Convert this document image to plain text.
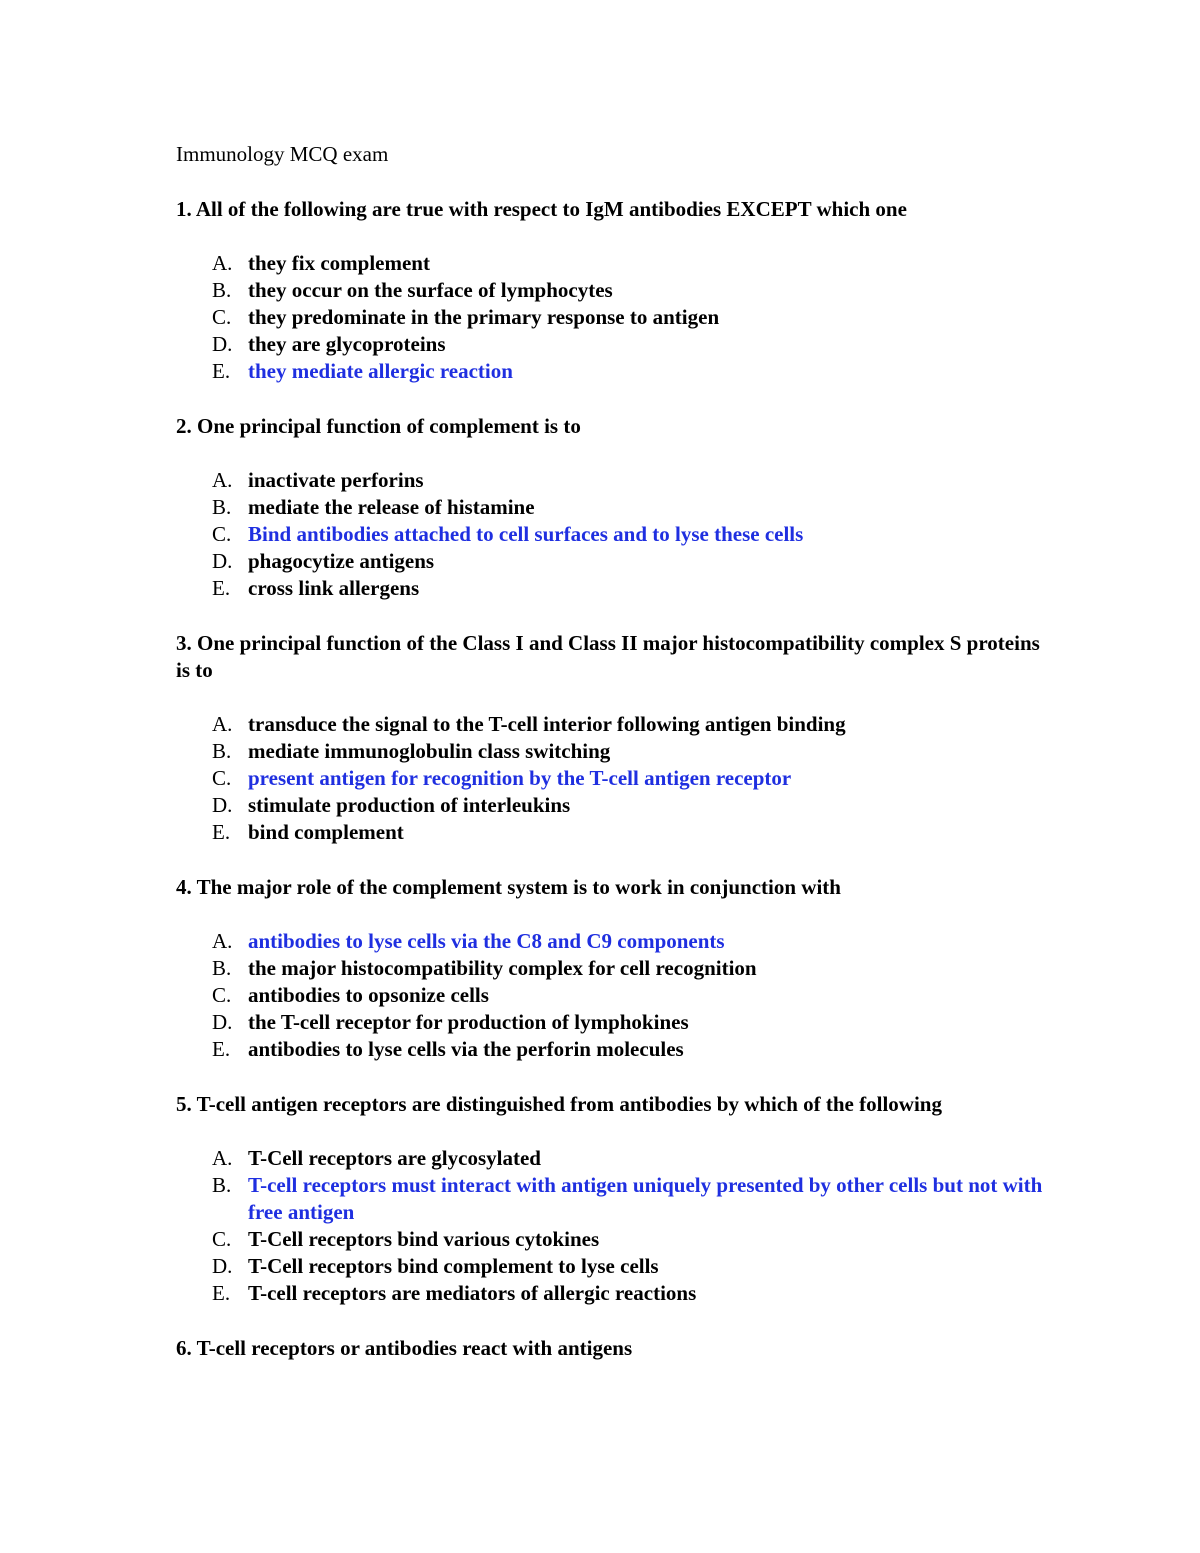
Immunology MCQ exam
1. All of the following are true with respect to IgM antibodies EXCEPT which one
A. they fix complement
B. they occur on the surface of lymphocytes
C. they predominate in the primary response to antigen
D. they are glycoproteins
E. they mediate allergic reaction
2. One principal function of complement is to
A. inactivate perforins
B. mediate the release of histamine
C. Bind antibodies attached to cell surfaces and to lyse these cells
D. phagocytize antigens
E. cross link allergens
3. One principal function of the Class I and Class II major histocompatibility complex S proteins is to
A. transduce the signal to the T-cell interior following antigen binding
B. mediate immunoglobulin class switching
C. present antigen for recognition by the T-cell antigen receptor
D. stimulate production of interleukins
E. bind complement
4. The major role of the complement system is to work in conjunction with
A. antibodies to lyse cells via the C8 and C9 components
B. the major histocompatibility complex for cell recognition
C. antibodies to opsonize cells
D. the T-cell receptor for production of lymphokines
E. antibodies to lyse cells via the perforin molecules
5. T-cell antigen receptors are distinguished from antibodies by which of the following
A. T-Cell receptors are glycosylated
B. T-cell receptors must interact with antigen uniquely presented by other cells but not with free antigen
C. T-Cell receptors bind various cytokines
D. T-Cell receptors bind complement to lyse cells
E. T-cell receptors are mediators of allergic reactions
6. T-cell receptors or antibodies react with antigens
